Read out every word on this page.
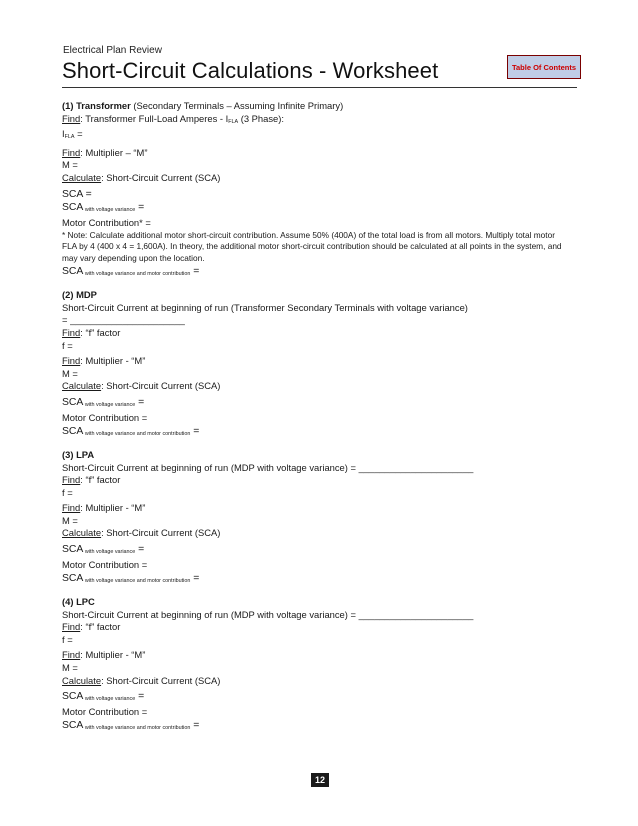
Electrical Plan Review
Short-Circuit Calculations - Worksheet	Table Of Contents
(1) Transformer (Secondary Terminals – Assuming Infinite Primary)
Find: Transformer Full-Load Amperes - IFLA (3 Phase):
IFLA =
Find: Multiplier – “M”
M =
Calculate: Short-Circuit Current (SCA)
SCA =
SCA with voltage variance =
Motor Contribution* =
* Note: Calculate additional motor short-circuit contribution. Assume 50% (400A) of the total load is from all motors. Multiply total motor FLA by 4 (400 x 4 = 1,600A). In theory, the additional motor short-circuit contribution should be calculated at all points in the system, and may vary depending upon the location.
SCA with voltage variance and motor contribution =
(2) MDP
Short-Circuit Current at beginning of run (Transformer Secondary Terminals with voltage variance)
= ______________________
Find: “f” factor
f =
Find: Multiplier - “M”
M =
Calculate: Short-Circuit Current (SCA)
SCA with voltage variance =
Motor Contribution =
SCA with voltage variance and motor contribution =
(3) LPA
Short-Circuit Current at beginning of run (MDP with voltage variance) = ______________________
Find: “f” factor
f =
Find: Multiplier - “M”
M =
Calculate: Short-Circuit Current (SCA)
SCA with voltage variance =
Motor Contribution =
SCA with voltage variance and motor contribution =
(4) LPC
Short-Circuit Current at beginning of run (MDP with voltage variance) = ______________________
Find: “f” factor
f =
Find: Multiplier - “M”
M =
Calculate: Short-Circuit Current (SCA)
SCA with voltage variance =
Motor Contribution =
SCA with voltage variance and motor contribution =
12
